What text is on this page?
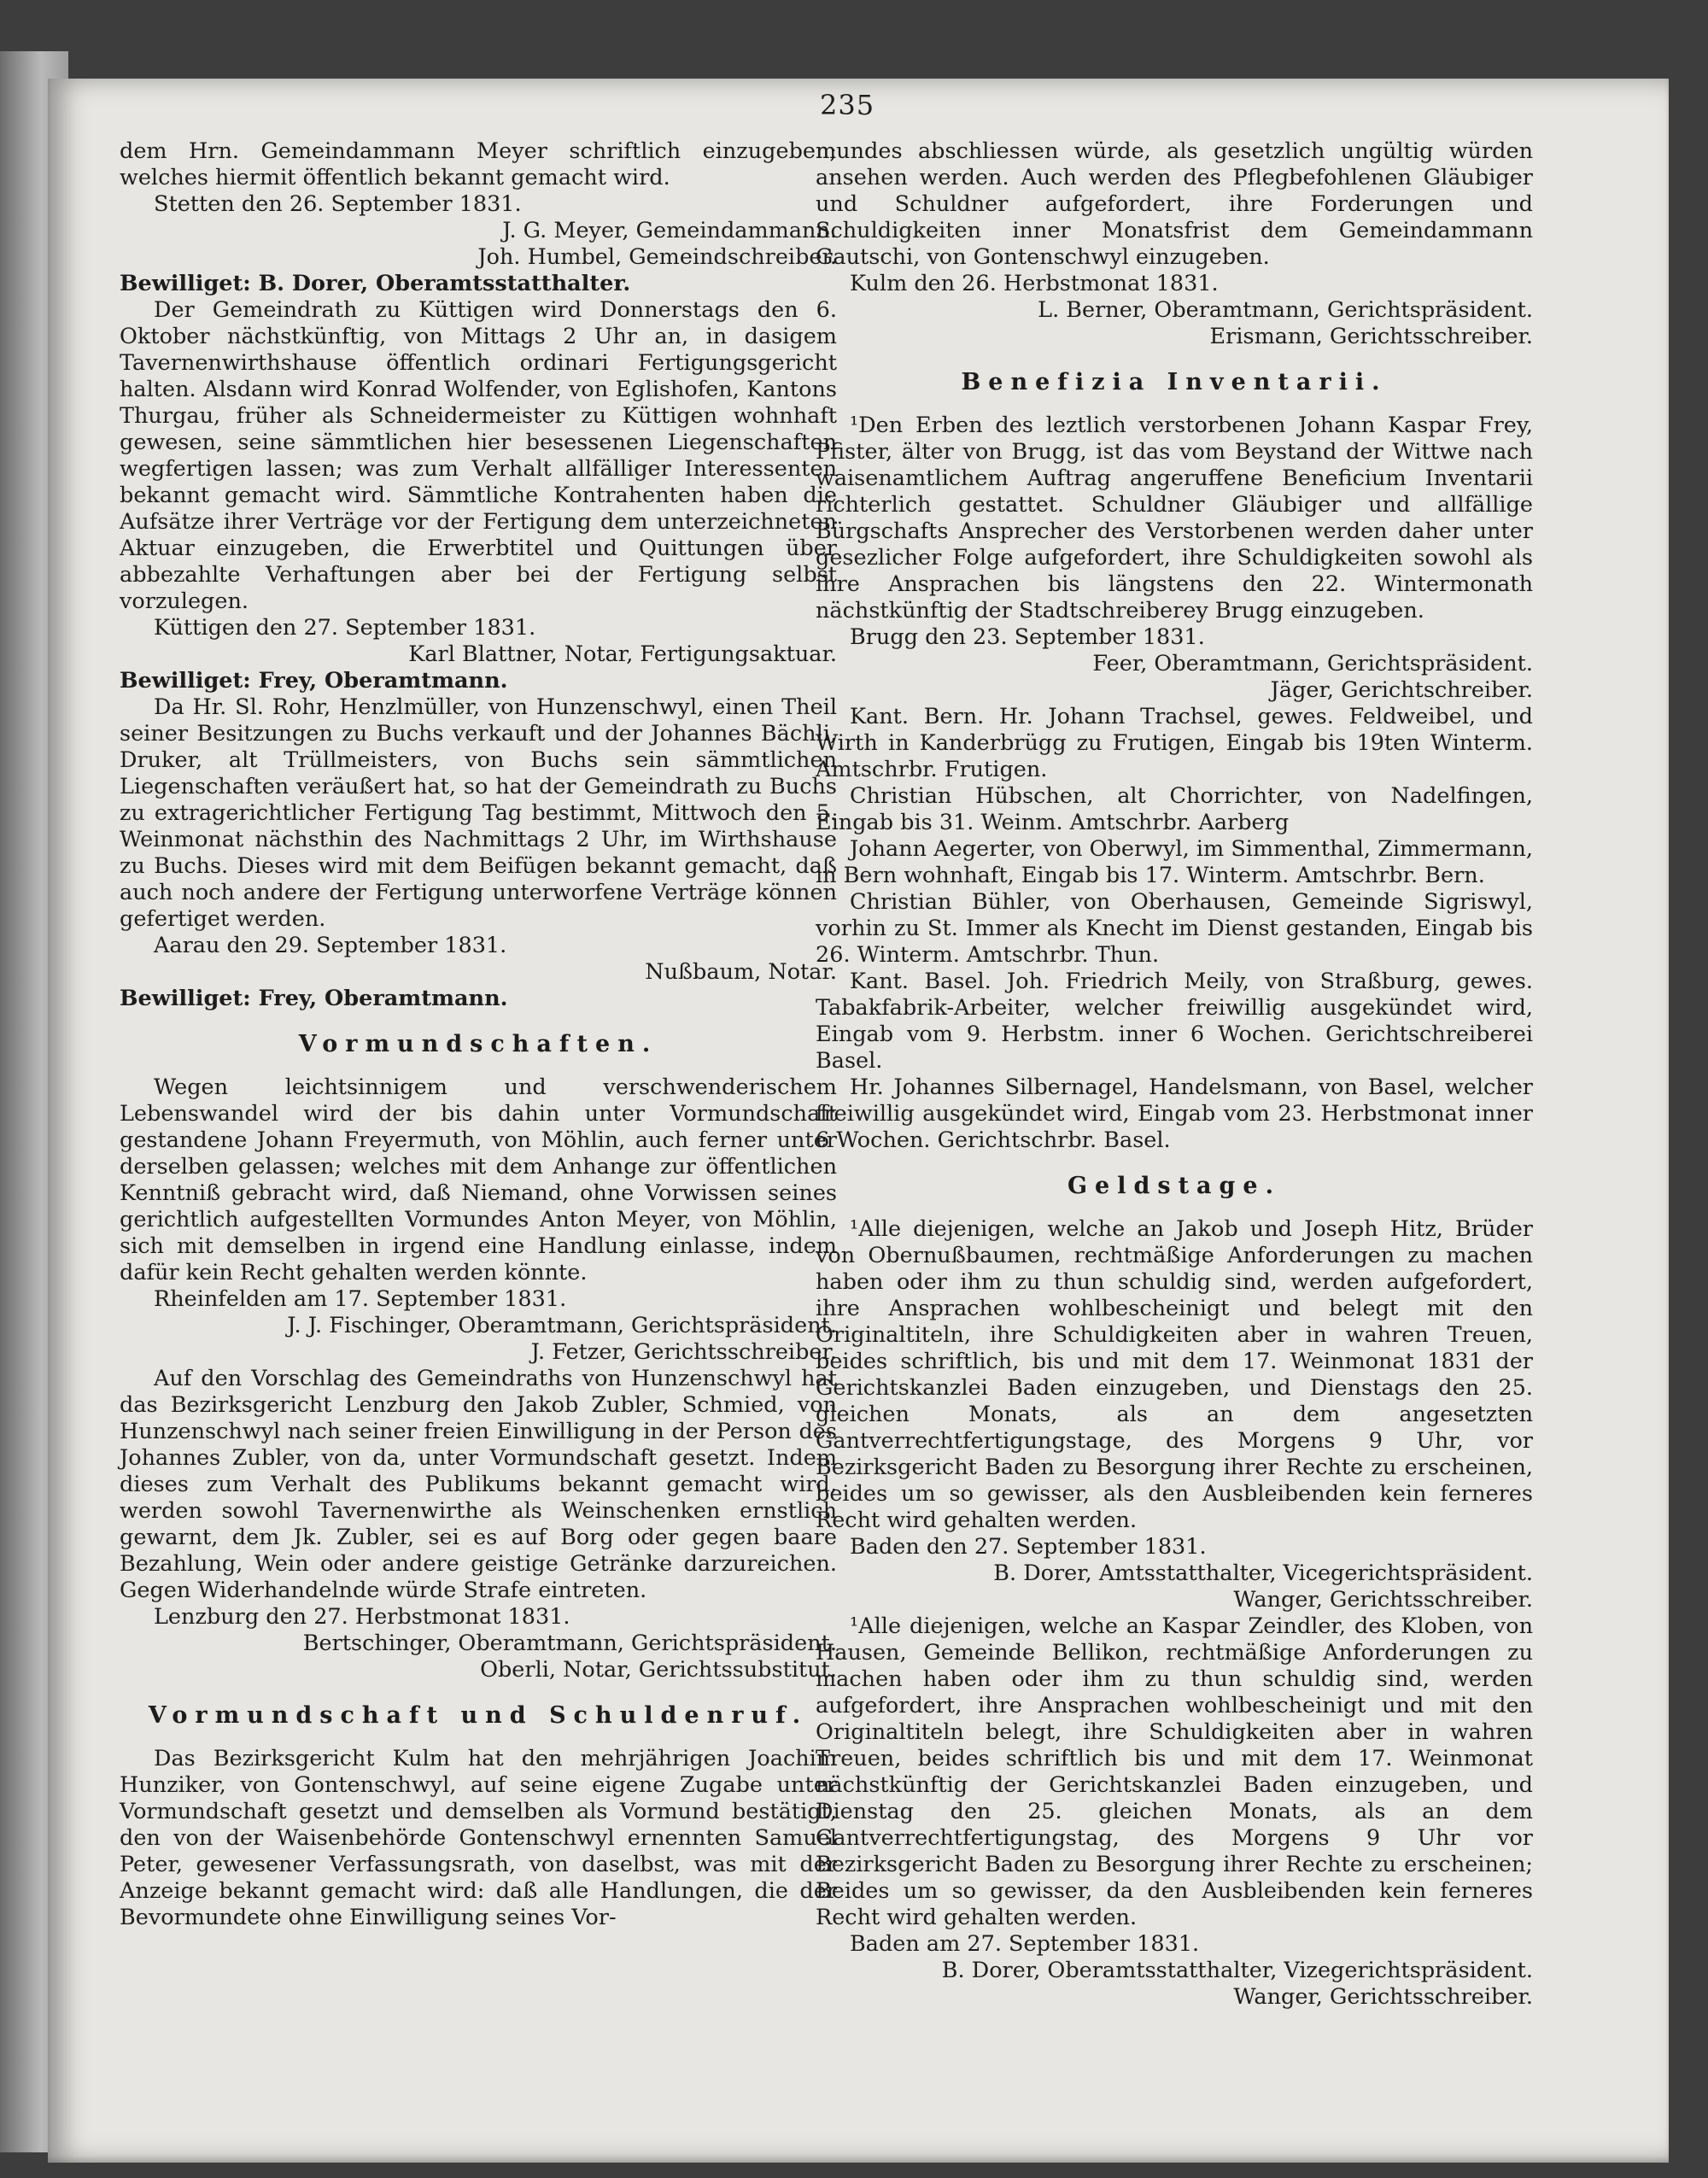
235

dem Hrn. Gemeindammann Meyer schriftlich einzugeben; welches hiermit öffentlich bekannt gemacht wird.

Stetten den 26. September 1831.

J. G. Meyer, Gemeindammann.

Joh. Humbel, Gemeindschreiber.

Bewilliget: B. Dorer, Oberamtsstatthalter.

Der Gemeindrath zu Küttigen wird Donnerstags den 6. Oktober nächstkünftig, von Mittags 2 Uhr an, in dasigem Tavernenwirthshause öffentlich ordinari Fertigungsgericht halten. Alsdann wird Konrad Wolfender, von Eglishofen, Kantons Thurgau, früher als Schneidermeister zu Küttigen wohnhaft gewesen, seine sämmtlichen hier besessenen Liegenschaften wegfertigen lassen; was zum Verhalt allfälliger Interessenten bekannt gemacht wird. Sämmtliche Kontrahenten haben die Aufsätze ihrer Verträge vor der Fertigung dem unterzeichneten Aktuar einzugeben, die Erwerbtitel und Quittungen über abbezahlte Verhaftungen aber bei der Fertigung selbst vorzulegen.

Küttigen den 27. September 1831.

Karl Blattner, Notar, Fertigungsaktuar.

Bewilliget: Frey, Oberamtmann.

Da Hr. Sl. Rohr, Henzlmüller, von Hunzenschwyl, einen Theil seiner Besitzungen zu Buchs verkauft und der Johannes Bächli, Druker, alt Trüllmeisters, von Buchs sein sämmtlichen Liegenschaften veräußert hat, so hat der Gemeindrath zu Buchs zu extragerichtlicher Fertigung Tag bestimmt, Mittwoch den 5. Weinmonat nächsthin des Nachmittags 2 Uhr, im Wirthshause zu Buchs. Dieses wird mit dem Beifügen bekannt gemacht, daß auch noch andere der Fertigung unterworfene Verträge können gefertiget werden.

Aarau den 29. September 1831.

Nußbaum, Notar.

Bewilliget: Frey, Oberamtmann.

Vormundschaften.

Wegen leichtsinnigem und verschwenderischem Lebenswandel wird der bis dahin unter Vormundschaft gestandene Johann Freyermuth, von Möhlin, auch ferner unter derselben gelassen; welches mit dem Anhange zur öffentlichen Kenntniß gebracht wird, daß Niemand, ohne Vorwissen seines gerichtlich aufgestellten Vormundes Anton Meyer, von Möhlin, sich mit demselben in irgend eine Handlung einlasse, indem dafür kein Recht gehalten werden könnte.

Rheinfelden am 17. September 1831.

J. J. Fischinger, Oberamtmann, Gerichtspräsident.

J. Fetzer, Gerichtsschreiber.

Auf den Vorschlag des Gemeindraths von Hunzenschwyl hat das Bezirksgericht Lenzburg den Jakob Zubler, Schmied, von Hunzenschwyl nach seiner freien Einwilligung in der Person des Johannes Zubler, von da, unter Vormundschaft gesetzt. Indem dieses zum Verhalt des Publikums bekannt gemacht wird, werden sowohl Tavernenwirthe als Weinschenken ernstlich gewarnt, dem Jk. Zubler, sei es auf Borg oder gegen baare Bezahlung, Wein oder andere geistige Getränke darzureichen. Gegen Widerhandelnde würde Strafe eintreten.

Lenzburg den 27. Herbstmonat 1831.

Bertschinger, Oberamtmann, Gerichtspräsident.

Oberli, Notar, Gerichtssubstitut.

Vormundschaft und Schuldenruf.

Das Bezirksgericht Kulm hat den mehrjährigen Joachim Hunziker, von Gontenschwyl, auf seine eigene Zugabe unter Vormundschaft gesetzt und demselben als Vormund bestätigt, den von der Waisenbehörde Gontenschwyl ernennten Samuel Peter, gewesener Verfassungsrath, von daselbst, was mit der Anzeige bekannt gemacht wird: daß alle Handlungen, die der Bevormundete ohne Einwilligung seines Vor-

mundes abschliessen würde, als gesetzlich ungültig würden ansehen werden. Auch werden des Pflegbefohlenen Gläubiger und Schuldner aufgefordert, ihre Forderungen und Schuldigkeiten inner Monatsfrist dem Gemeindammann Gautschi, von Gontenschwyl einzugeben.

Kulm den 26. Herbstmonat 1831.

L. Berner, Oberamtmann, Gerichtspräsident.

Erismann, Gerichtsschreiber.

Benefizia Inventarii.

¹Den Erben des leztlich verstorbenen Johann Kaspar Frey, Pfister, älter von Brugg, ist das vom Beystand der Wittwe nach waisenamtlichem Auftrag angeruffene Beneficium Inventarii richterlich gestattet. Schuldner Gläubiger und allfällige Bürgschafts Ansprecher des Verstorbenen werden daher unter gesezlicher Folge aufgefordert, ihre Schuldigkeiten sowohl als ihre Ansprachen bis längstens den 22. Wintermonath nächstkünftig der Stadtschreiberey Brugg einzugeben.

Brugg den 23. September 1831.

Feer, Oberamtmann, Gerichtspräsident.

Jäger, Gerichtschreiber.

Kant. Bern. Hr. Johann Trachsel, gewes. Feldweibel, und Wirth in Kanderbrügg zu Frutigen, Eingab bis 19ten Winterm. Amtschrbr. Frutigen.

Christian Hübschen, alt Chorrichter, von Nadelfingen, Eingab bis 31. Weinm. Amtschrbr. Aarberg

Johann Aegerter, von Oberwyl, im Simmenthal, Zimmermann, in Bern wohnhaft, Eingab bis 17. Winterm. Amtschrbr. Bern.

Christian Bühler, von Oberhausen, Gemeinde Sigriswyl, vorhin zu St. Immer als Knecht im Dienst gestanden, Eingab bis 26. Winterm. Amtschrbr. Thun.

Kant. Basel. Joh. Friedrich Meily, von Straßburg, gewes. Tabakfabrik-Arbeiter, welcher freiwillig ausgekündet wird, Eingab vom 9. Herbstm. inner 6 Wochen. Gerichtschreiberei Basel.

Hr. Johannes Silbernagel, Handelsmann, von Basel, welcher freiwillig ausgekündet wird, Eingab vom 23. Herbstmonat inner 6 Wochen. Gerichtschrbr. Basel.

Geldstage.

¹Alle diejenigen, welche an Jakob und Joseph Hitz, Brüder von Obernußbaumen, rechtmäßige Anforderungen zu machen haben oder ihm zu thun schuldig sind, werden aufgefordert, ihre Ansprachen wohlbescheinigt und belegt mit den Originaltiteln, ihre Schuldigkeiten aber in wahren Treuen, beides schriftlich, bis und mit dem 17. Weinmonat 1831 der Gerichtskanzlei Baden einzugeben, und Dienstags den 25. gleichen Monats, als an dem angesetzten Gantverrechtfertigungstage, des Morgens 9 Uhr, vor Bezirksgericht Baden zu Besorgung ihrer Rechte zu erscheinen, beides um so gewisser, als den Ausbleibenden kein ferneres Recht wird gehalten werden.

Baden den 27. September 1831.

B. Dorer, Amtsstatthalter, Vicegerichtspräsident.

Wanger, Gerichtsschreiber.

¹Alle diejenigen, welche an Kaspar Zeindler, des Kloben, von Hausen, Gemeinde Bellikon, rechtmäßige Anforderungen zu machen haben oder ihm zu thun schuldig sind, werden aufgefordert, ihre Ansprachen wohlbescheinigt und mit den Originaltiteln belegt, ihre Schuldigkeiten aber in wahren Treuen, beides schriftlich bis und mit dem 17. Weinmonat nächstkünftig der Gerichtskanzlei Baden einzugeben, und Dienstag den 25. gleichen Monats, als an dem Gantverrechtfertigungstag, des Morgens 9 Uhr vor Bezirksgericht Baden zu Besorgung ihrer Rechte zu erscheinen; Beides um so gewisser, da den Ausbleibenden kein ferneres Recht wird gehalten werden.

Baden am 27. September 1831.

B. Dorer, Oberamtsstatthalter, Vizegerichtspräsident.

Wanger, Gerichtsschreiber.
